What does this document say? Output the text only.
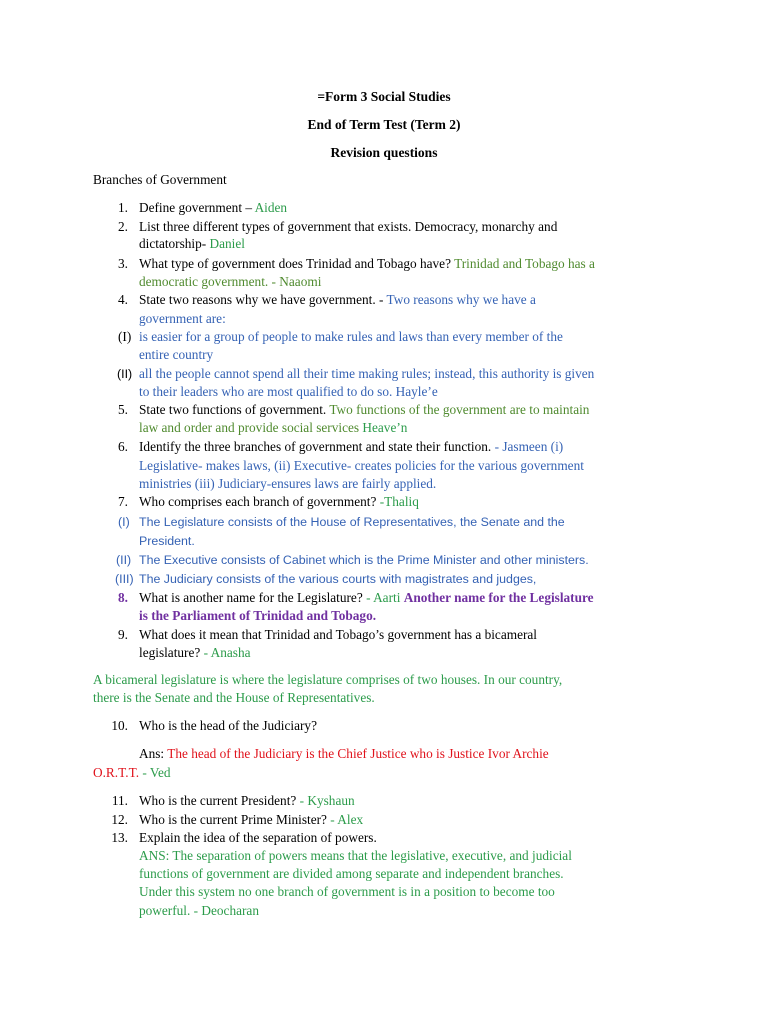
=Form 3 Social Studies
End of Term Test (Term 2)
Revision questions
Branches of Government
1. Define government – Aiden
2. List three different types of government that exists. Democracy, monarchy and
dictatorship- Daniel
3. What type of government does Trinidad and Tobago have? Trinidad and Tobago has a
democratic government. - Naaomi
4. State two reasons why we have government. - Two reasons why we have a
government are:
(I) is easier for a group of people to make rules and laws than every member of the
entire country
(II) all the people cannot spend all their time making rules; instead, this authority is given
to their leaders who are most qualified to do so. Hayle’e
5. State two functions of government. Two functions of the government are to maintain
law and order and provide social services Heave’n
6. Identify the three branches of government and state their function. - Jasmeen (i)
Legislative- makes laws, (ii) Executive- creates policies for the various government
ministries (iii) Judiciary-ensures laws are fairly applied.
7. Who comprises each branch of government? -Thaliq
(I) The Legislature consists of the House of Representatives, the Senate and the
President.
(II) The Executive consists of Cabinet which is the Prime Minister and other ministers.
(III) The Judiciary consists of the various courts with magistrates and judges,
8. What is another name for the Legislature? - Aarti Another name for the Legislature
is the Parliament of Trinidad and Tobago.
9. What does it mean that Trinidad and Tobago’s government has a bicameral
legislature? - Anasha
A bicameral legislature is where the legislature comprises of two houses. In our country,
there is the Senate and the House of Representatives.
10. Who is the head of the Judiciary?
Ans: The head of the Judiciary is the Chief Justice who is Justice Ivor Archie
O.R.T.T. - Ved
11. Who is the current President? - Kyshaun
12. Who is the current Prime Minister? - Alex
13. Explain the idea of the separation of powers.
ANS: The separation of powers means that the legislative, executive, and judicial
functions of government are divided among separate and independent branches.
Under this system no one branch of government is in a position to become too
powerful. - Deocharan
